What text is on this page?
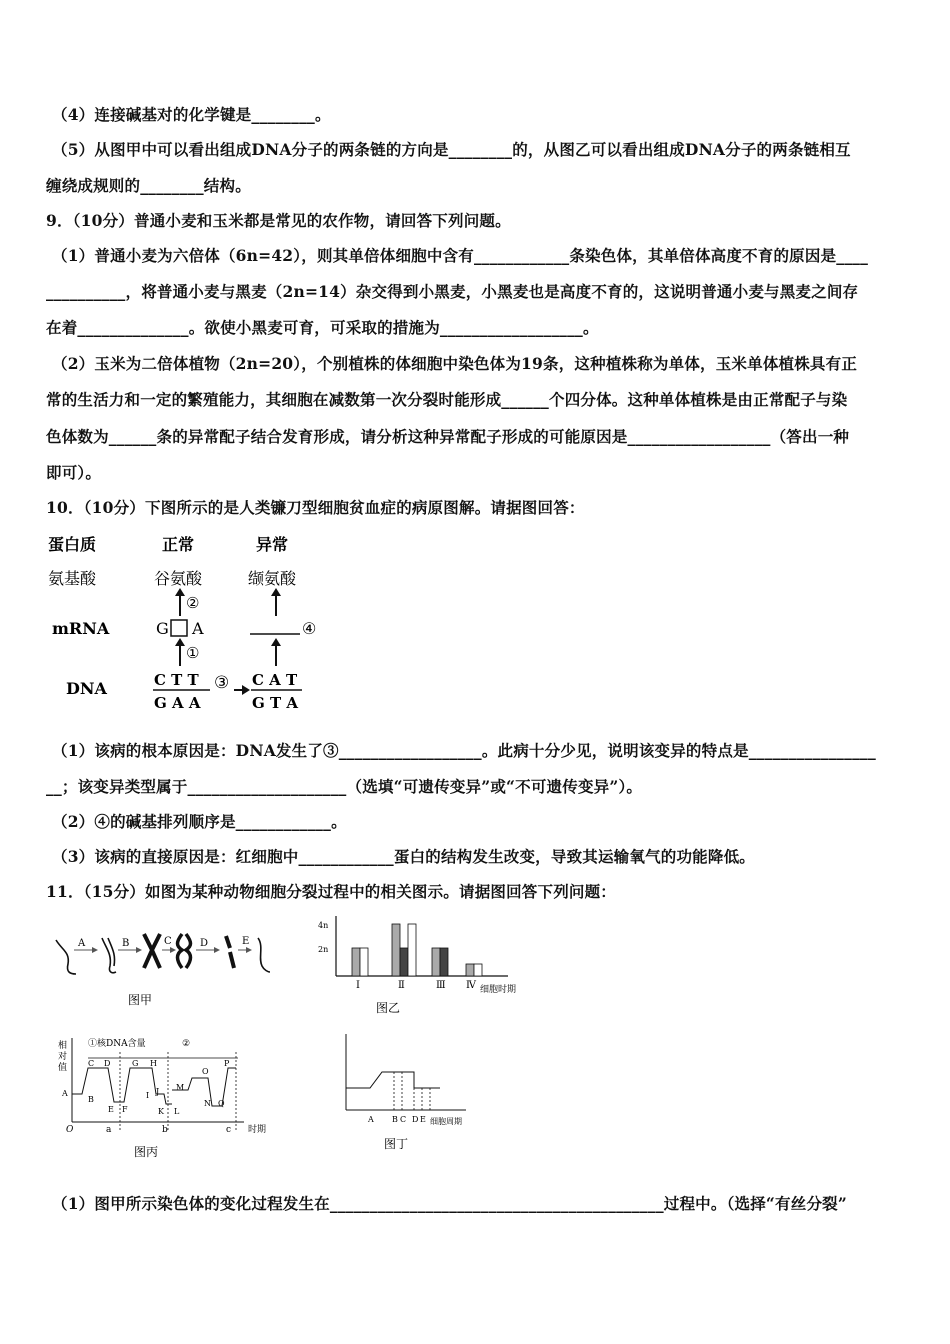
（4）连接碱基对的化学键是________。
（5）从图甲中可以看出组成DNA分子的两条链的方向是________的，从图乙可以看出组成DNA分子的两条链相互
缠绕成规则的________结构。
9．（10分）普通小麦和玉米都是常见的农作物，请回答下列问题。
（1）普通小麦为六倍体（6n=42），则其单倍体细胞中含有____________条染色体，其单倍体高度不育的原因是____
__________，将普通小麦与黑麦（2n=14）杂交得到小黑麦，小黑麦也是高度不育的，这说明普通小麦与黑麦之间存
在着______________。欲使小黑麦可育，可采取的措施为__________________。
（2）玉米为二倍体植物（2n=20），个别植株的体细胞中染色体为19条，这种植株称为单体，玉米单体植株具有正
常的生活力和一定的繁殖能力，其细胞在减数第一次分裂时能形成______个四分体。这种单体植株是由正常配子与染
色体数为______条的异常配子结合发育形成，请分析这种异常配子形成的可能原因是__________________（答出一种
即可）。
10．（10分）下图所示的是人类镰刀型细胞贫血症的病原图解。请据图回答：
蛋白质	正常	异常
氨基酸	谷氨酸	缬氨酸
②
mRNA	G A	④
①
DNA	C T T
G A A
③ C A T
G T A
（1）该病的根本原因是：DNA发生了③__________________。此病十分少见，说明该变异的特点是________________
__；该变异类型属于____________________（选填“可遗传变异”或“不可遗传变异”）。
（2）④的碱基排列顺序是____________。
（3）该病的直接原因是：红细胞中____________蛋白的结构发生改变，导致其运输氧气的功能降低。
11．（15分）如图为某种动物细胞分裂过程中的相关图示。请据图回答下列问题：
A	B	C	D	E
图甲
4n
2n
Ⅰ	Ⅱ	Ⅲ Ⅳ 细胞时期
图乙
相
对
值
①核DNA含量	②
A
B
C D
E F
G H
I J
K L
M
N
O
P
Q
O	a	b	c 时期
图丙
A B C D E 细胞周期
图丁
（1）图甲所示染色体的变化过程发生在__________________________________________过程中。（选择“有丝分裂”
